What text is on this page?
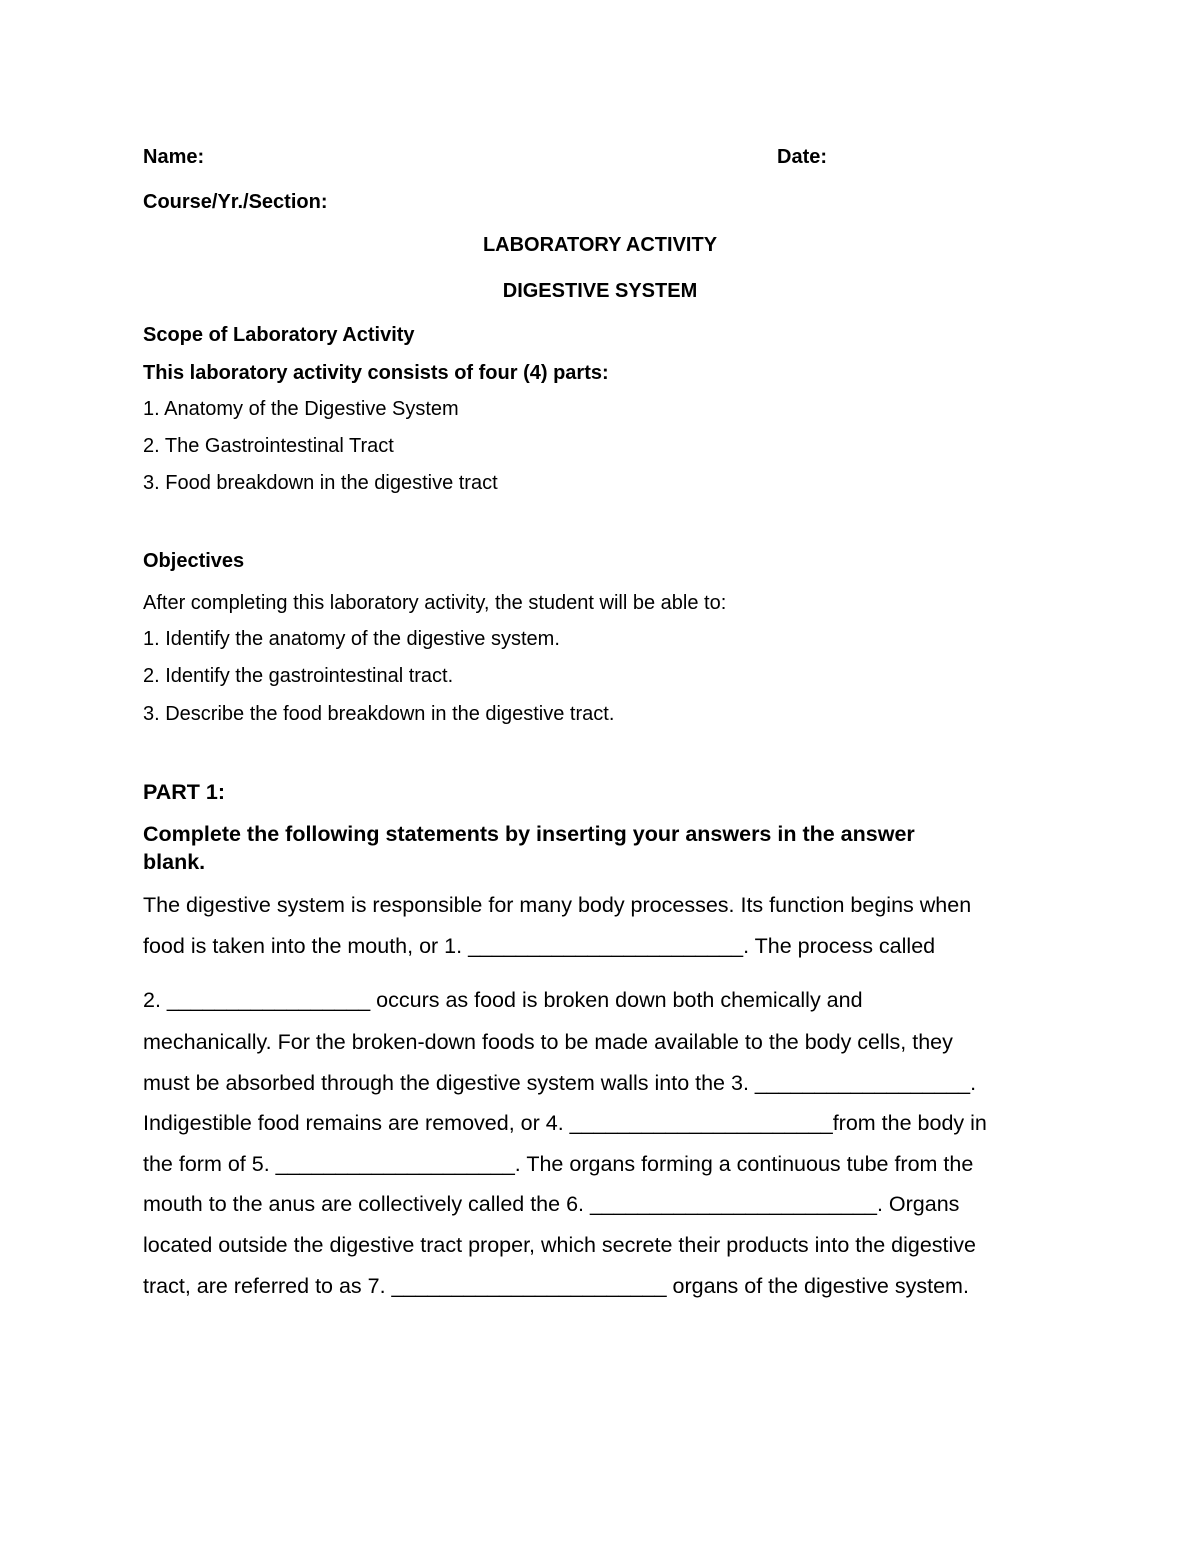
Name:	Date:
Course/Yr./Section:
LABORATORY ACTIVITY
DIGESTIVE SYSTEM
Scope of Laboratory Activity
This laboratory activity consists of four (4) parts:
1. Anatomy of the Digestive System
2. The Gastrointestinal Tract
3. Food breakdown in the digestive tract
Objectives
After completing this laboratory activity, the student will be able to:
1. Identify the anatomy of the digestive system.
2. Identify the gastrointestinal tract.
3. Describe the food breakdown in the digestive tract.
PART 1:
Complete the following statements by inserting your answers in the answer
blank.
The digestive system is responsible for many body processes. Its function begins when
food is taken into the mouth, or 1. _______________________. The process called
2. _________________ occurs as food is broken down both chemically and
mechanically. For the broken-down foods to be made available to the body cells, they
must be absorbed through the digestive system walls into the 3. __________________.
Indigestible food remains are removed, or 4. ______________________from the body in
the form of 5. ____________________. The organs forming a continuous tube from the
mouth to the anus are collectively called the 6. ________________________. Organs
located outside the digestive tract proper, which secrete their products into the digestive
tract, are referred to as 7. _______________________ organs of the digestive system.
